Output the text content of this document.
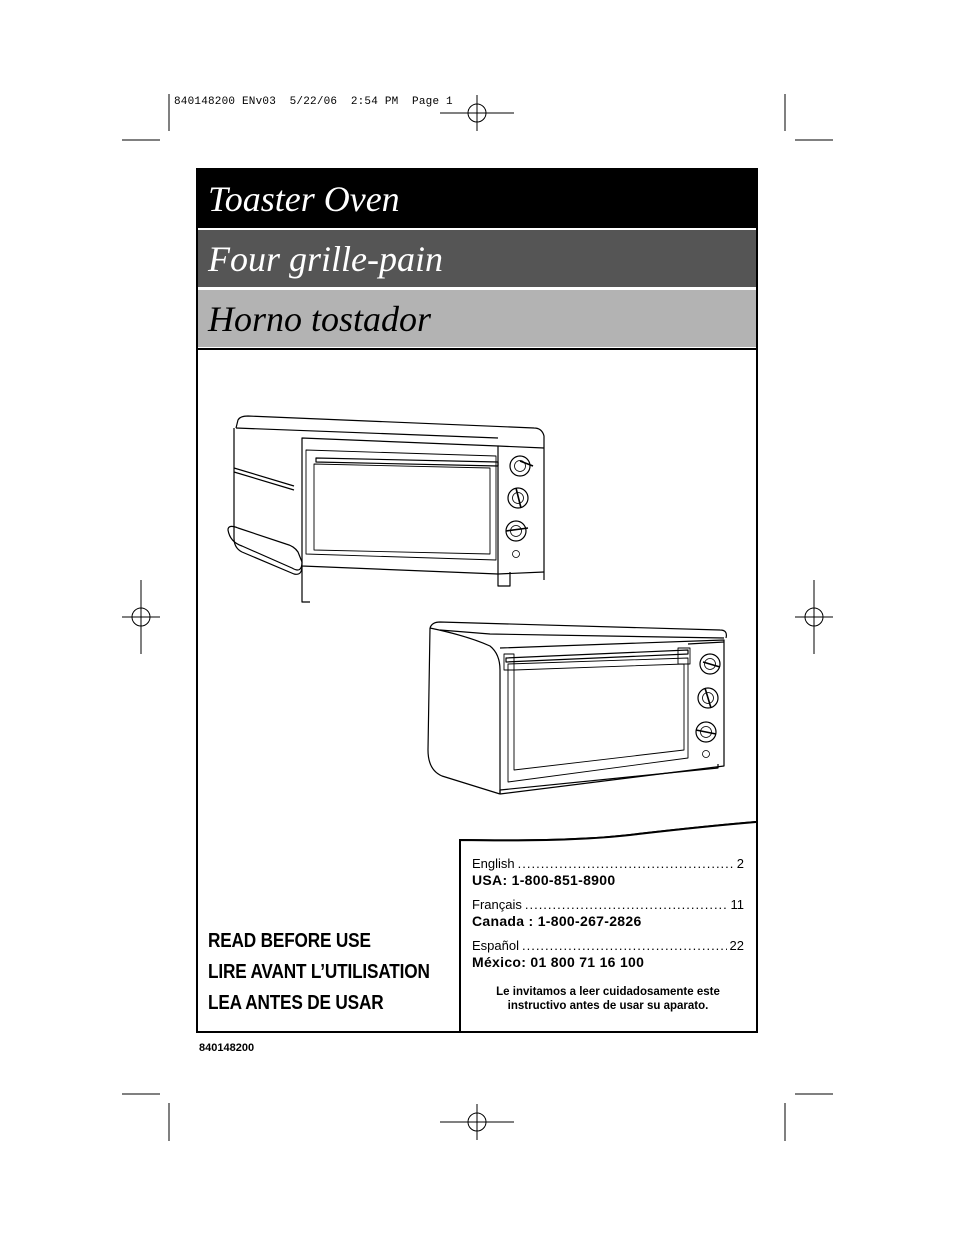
840148200 ENv03  5/22/06  2:54 PM  Page 1
Toaster Oven
Four grille-pain
Horno tostador
READ BEFORE USE
LIRE AVANT L’UTILISATION
LEA ANTES DE USAR
English .....	2
USA: 1-800-851-8900
Français .....	11
Canada : 1-800-267-2826
Español .....	22
México: 01 800 71 16 100
Le invitamos a leer cuidadosamente este instructivo antes de usar su aparato.
840148200
